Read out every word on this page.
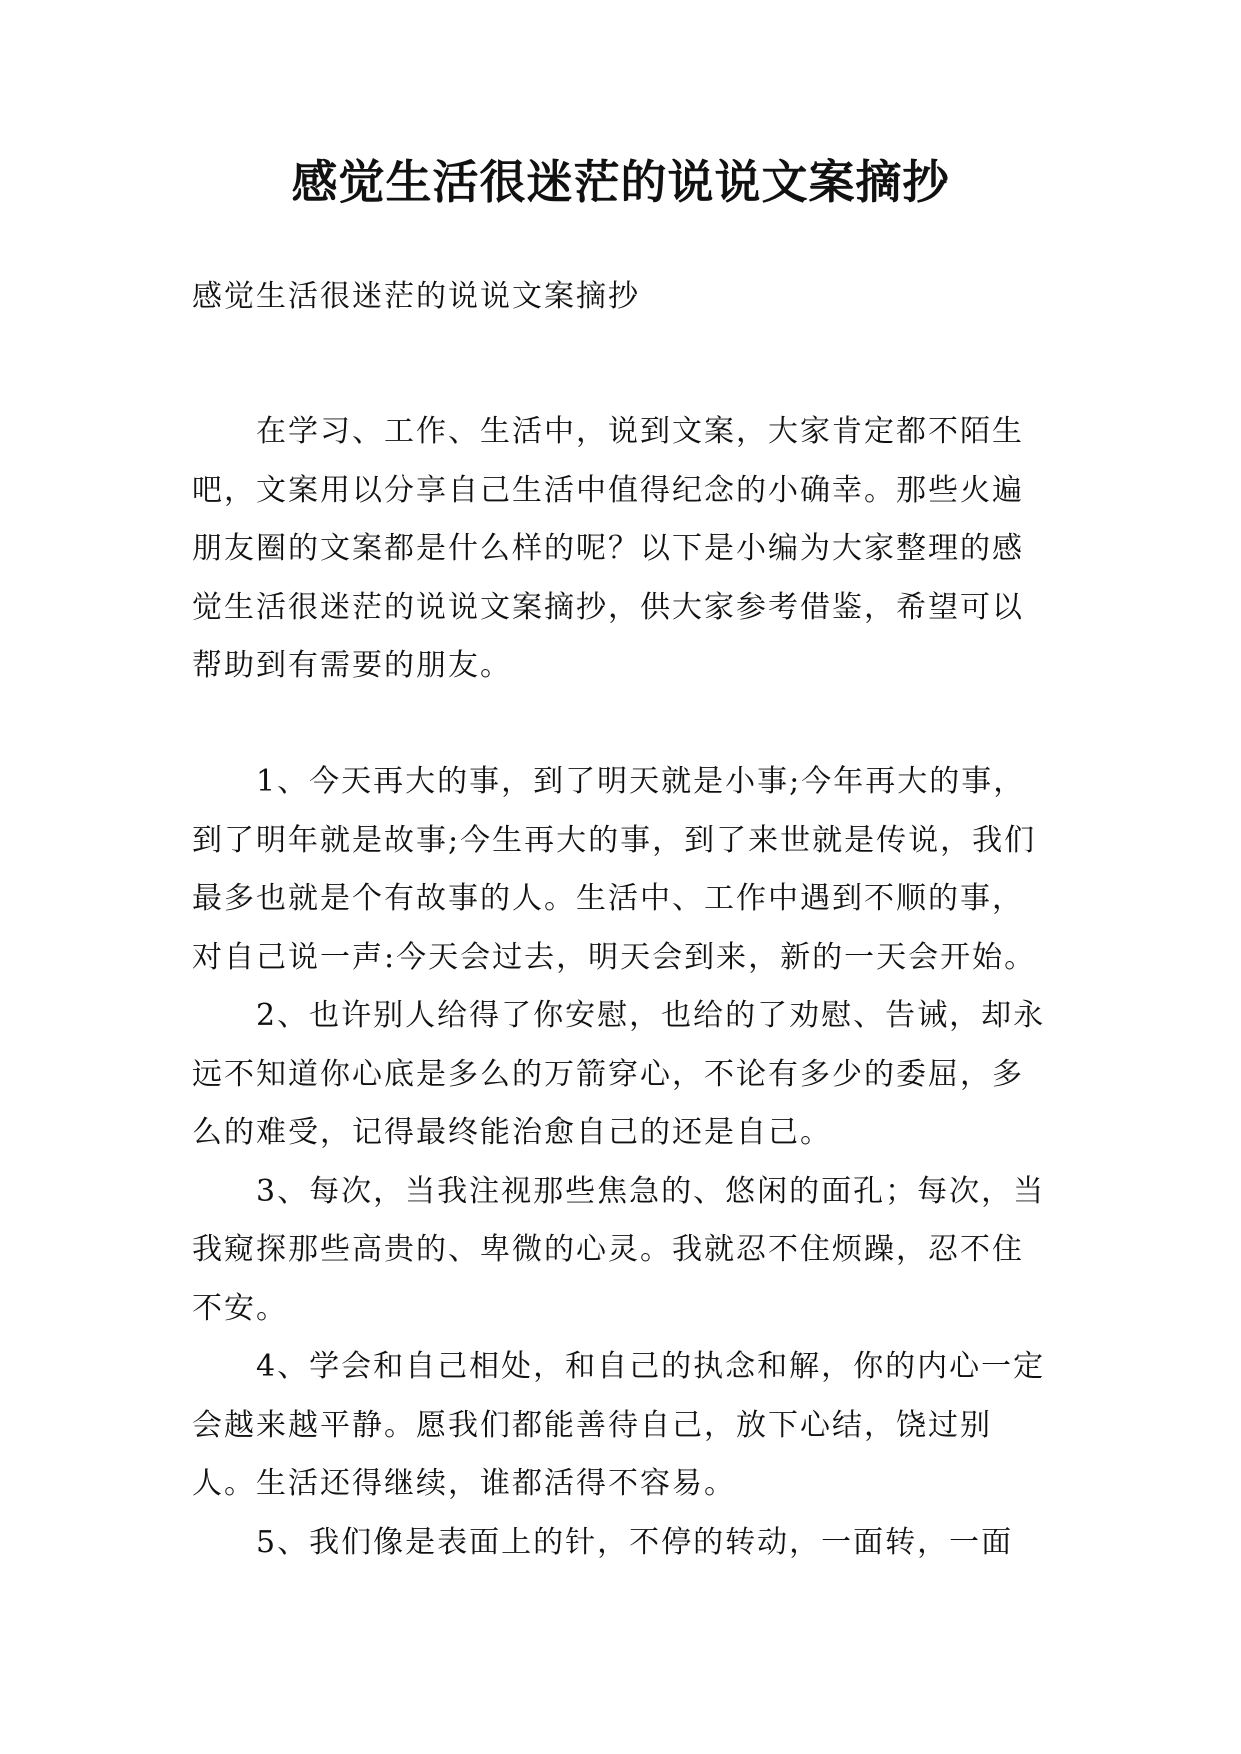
感觉生活很迷茫的说说文案摘抄

感觉生活很迷茫的说说文案摘抄

在学习、工作、生活中，说到文案，大家肯定都不陌生吧，文案用以分享自己生活中值得纪念的小确幸。那些火遍朋友圈的文案都是什么样的呢？以下是小编为大家整理的感觉生活很迷茫的说说文案摘抄，供大家参考借鉴，希望可以帮助到有需要的朋友。

1、今天再大的事，到了明天就是小事;今年再大的事，到了明年就是故事;今生再大的事，到了来世就是传说，我们最多也就是个有故事的人。生活中、工作中遇到不顺的事，对自己说一声:今天会过去，明天会到来，新的一天会开始。

2、也许别人给得了你安慰，也给的了劝慰、告诫，却永远不知道你心底是多么的万箭穿心，不论有多少的委屈，多么的难受，记得最终能治愈自己的还是自己。

3、每次，当我注视那些焦急的、悠闲的面孔；每次，当我窥探那些高贵的、卑微的心灵。我就忍不住烦躁，忍不住不安。

4、学会和自己相处，和自己的执念和解，你的内心一定会越来越平静。愿我们都能善待自己，放下心结，饶过别人。生活还得继续，谁都活得不容易。

5、我们像是表面上的针，不停的转动，一面转，一面
